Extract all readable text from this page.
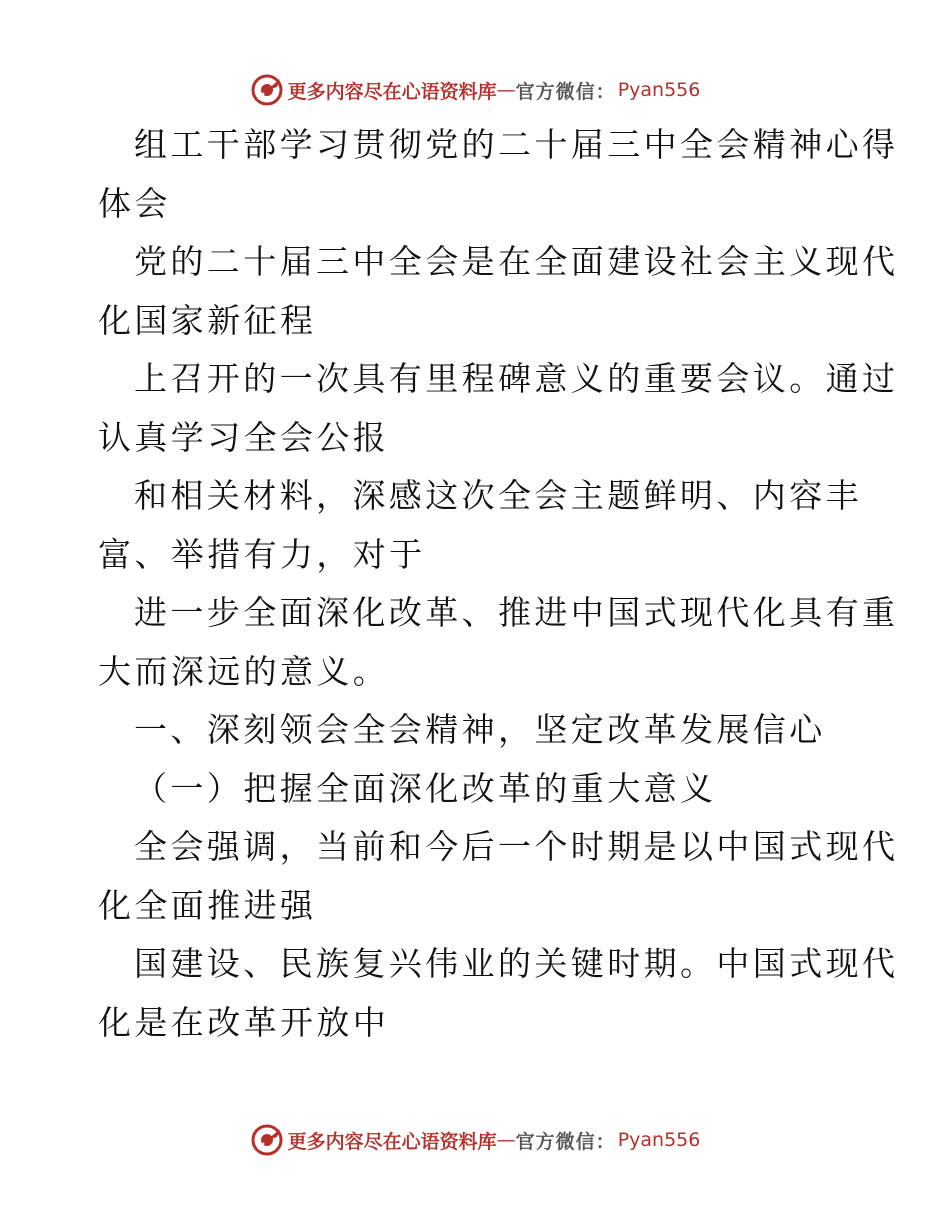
更多内容尽在心语资料库 — 官方微信： Pyan556

组工干部学习贯彻党的二十届三中全会精神心得
体会

党的二十届三中全会是在全面建设社会主义现代
化国家新征程

上召开的一次具有里程碑意义的重要会议。通过
认真学习全会公报

和相关材料，深感这次全会主题鲜明、内容丰
富、举措有力，对于

进一步全面深化改革、推进中国式现代化具有重
大而深远的意义。

一、深刻领会全会精神，坚定改革发展信心

（一）把握全面深化改革的重大意义

全会强调，当前和今后一个时期是以中国式现代
化全面推进强

国建设、民族复兴伟业的关键时期。中国式现代
化是在改革开放中

更多内容尽在心语资料库 — 官方微信： Pyan556
